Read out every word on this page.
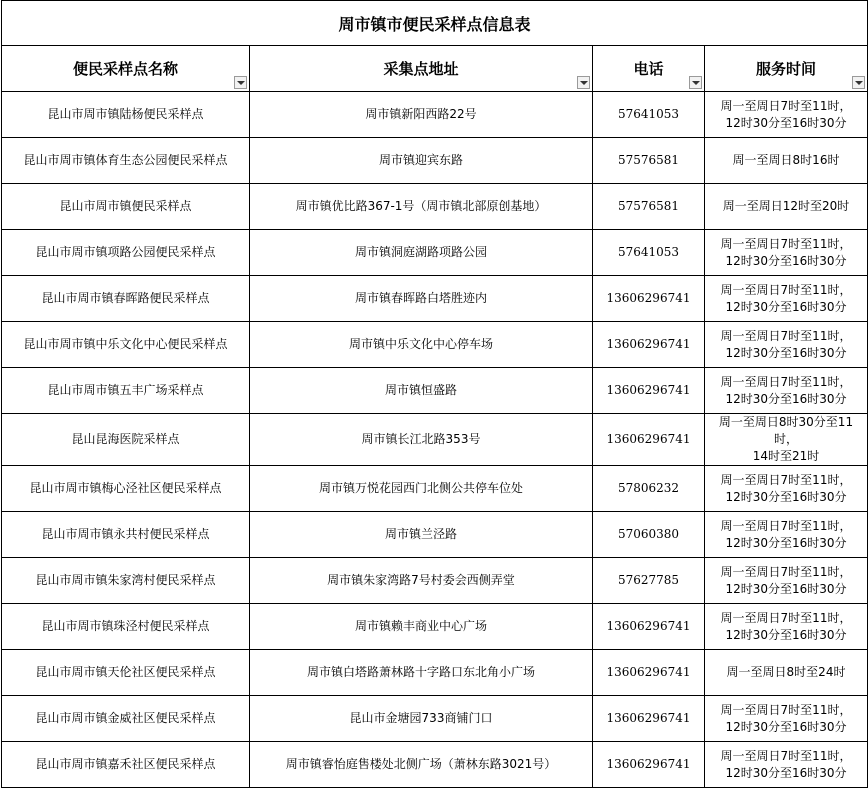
周市镇市便民采样点信息表			
便民采样点名称	采集点地址	电话	服务时间

昆山市周市镇陆杨便民采样点	周市镇新阳西路22号	57641053	周一至周日7时至11时，
12时30分至16时30分
昆山市周市镇体育生态公园便民采样点	周市镇迎宾东路	57576581	周一至周日8时16时
昆山市周市镇便民采样点	周市镇优比路367-1号（周市镇北部原创基地）	57576581	周一至周日12时至20时
昆山市周市镇项路公园便民采样点	周市镇洞庭湖路项路公园	57641053	周一至周日7时至11时，
12时30分至16时30分
昆山市周市镇春晖路便民采样点	周市镇春晖路白塔胜迹内	13606296741	周一至周日7时至11时，
12时30分至16时30分
昆山市周市镇中乐文化中心便民采样点	周市镇中乐文化中心停车场	13606296741	周一至周日7时至11时，
12时30分至16时30分
昆山市周市镇五丰广场采样点	周市镇恒盛路	13606296741	周一至周日7时至11时，
12时30分至16时30分
昆山昆海医院采样点	周市镇长江北路353号	13606296741	周一至周日8时30分至11
时，
14时至21时
昆山市周市镇梅心泾社区便民采样点	周市镇万悦花园西门北侧公共停车位处	57806232	周一至周日7时至11时，
12时30分至16时30分
昆山市周市镇永共村便民采样点	周市镇兰泾路	57060380	周一至周日7时至11时，
12时30分至16时30分
昆山市周市镇朱家湾村便民采样点	周市镇朱家湾路7号村委会西侧弄堂	57627785	周一至周日7时至11时，
12时30分至16时30分
昆山市周市镇珠泾村便民采样点	周市镇赖丰商业中心广场	13606296741	周一至周日7时至11时，
12时30分至16时30分
昆山市周市镇天伦社区便民采样点	周市镇白塔路萧林路十字路口东北角小广场	13606296741	周一至周日8时至24时
昆山市周市镇金威社区便民采样点	昆山市金塘园733商铺门口	13606296741	周一至周日7时至11时，
12时30分至16时30分
昆山市周市镇嘉禾社区便民采样点	周市镇睿怡庭售楼处北侧广场（萧林东路3021号）	13606296741	周一至周日7时至11时，
12时30分至16时30分
